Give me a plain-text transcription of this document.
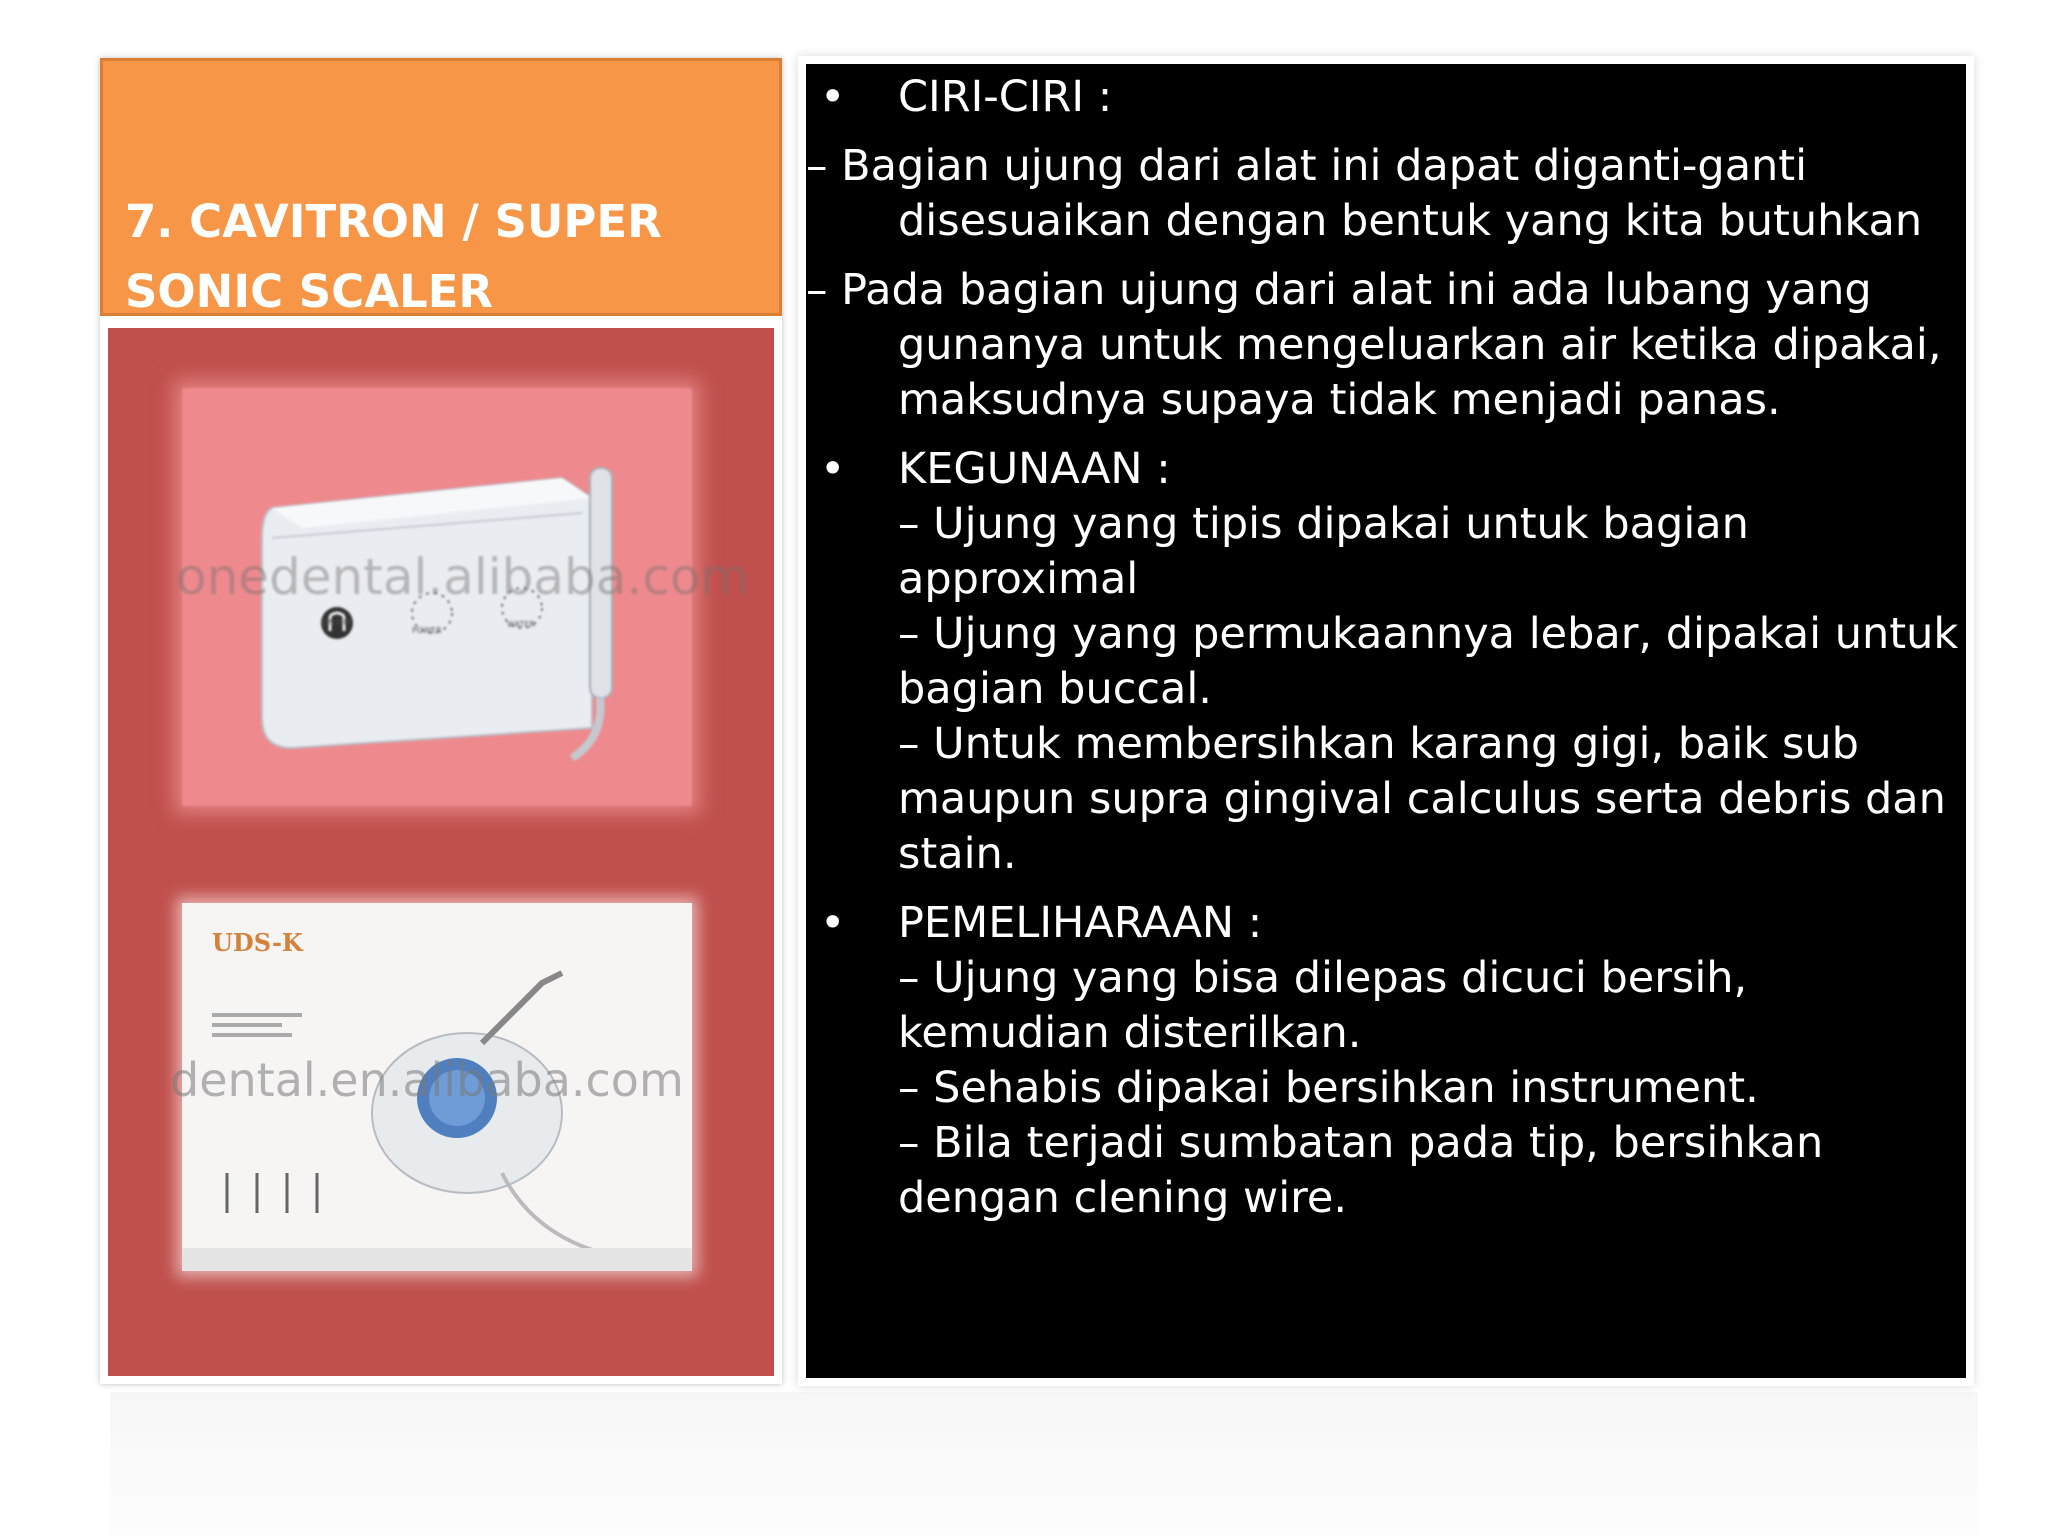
7. CAVITRON / SUPER
SONIC SCALER
onedental.alibaba.com
ON OFF
POWER
WATER
UDS-K
dental.en.alibaba.com
• CIRI-CIRI :
– Bagian ujung dari alat ini dapat diganti-ganti disesuaikan dengan bentuk yang kita butuhkan
– Pada bagian ujung dari alat ini ada lubang yang gunanya untuk mengeluarkan air ketika dipakai, maksudnya supaya tidak menjadi panas.
• KEGUNAAN :
– Ujung yang tipis dipakai untuk bagian approximal
– Ujung yang permukaannya lebar, dipakai untuk bagian buccal.
– Untuk membersihkan karang gigi, baik sub maupun supra gingival calculus serta debris dan stain.
• PEMELIHARAAN :
– Ujung yang bisa dilepas dicuci bersih, kemudian disterilkan.
– Sehabis dipakai bersihkan instrument.
– Bila terjadi sumbatan pada tip, bersihkan dengan clening wire.
